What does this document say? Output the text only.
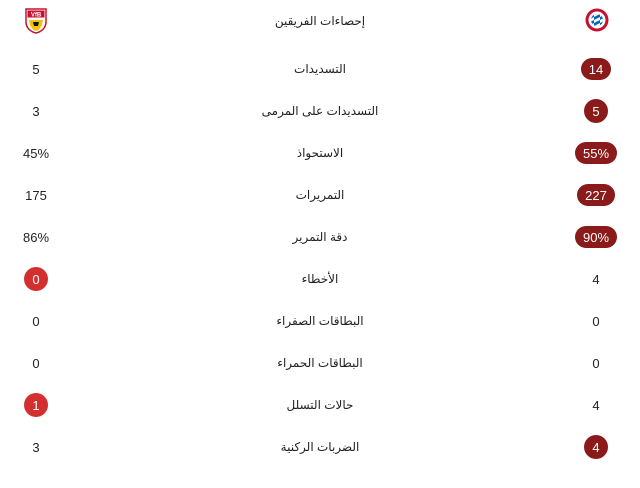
VfB	إحصاءات الفريقين
5	التسديدات	14
3	التسديدات على المرمى	5
45%	الاستحواذ	55%
175	التمريرات	227
86%	دقة التمرير	90%
0	الأخطاء	4
0	البطاقات الصفراء	0
0	البطاقات الحمراء	0
1	حالات التسلل	4
3	الضربات الركنية	4
